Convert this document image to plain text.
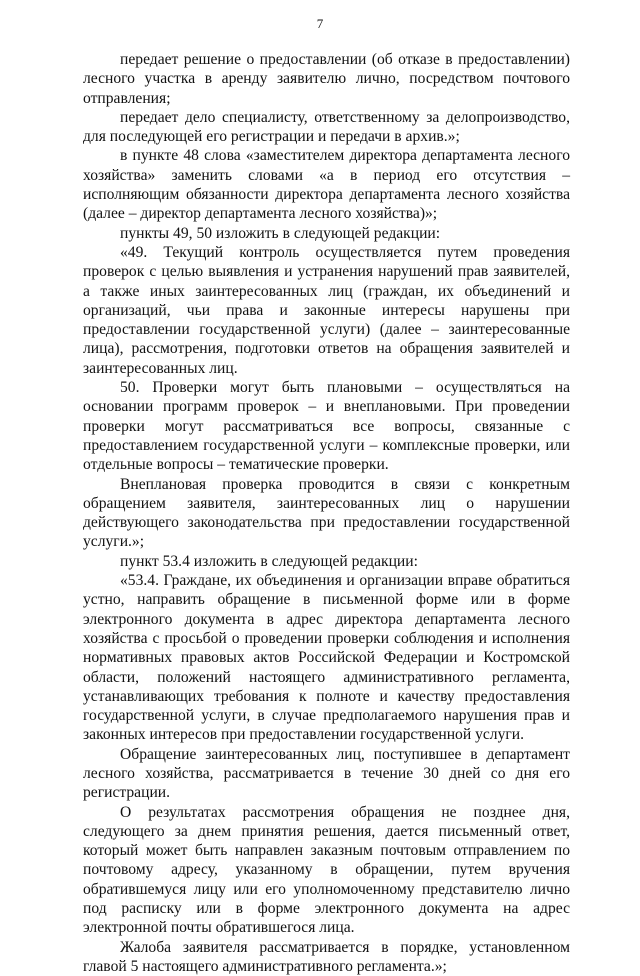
7

передает решение о предоставлении (об отказе в предоставлении) лесного участка в аренду заявителю лично, посредством почтового отправления;

передает дело специалисту, ответственному за делопроизводство, для последующей его регистрации и передачи в архив.»;

в пункте 48 слова «заместителем директора департамента лесного хозяйства» заменить словами «а в период его отсутствия – исполняющим обязанности директора департамента лесного хозяйства (далее – директор департамента лесного хозяйства)»;

пункты 49, 50 изложить в следующей редакции:

«49. Текущий контроль осуществляется путем проведения проверок с целью выявления и устранения нарушений прав заявителей, а также иных заинтересованных лиц (граждан, их объединений и организаций, чьи права и законные интересы нарушены при предоставлении государственной услуги) (далее – заинтересованные лица), рассмотрения, подготовки ответов на обращения заявителей и заинтересованных лиц.

50. Проверки могут быть плановыми – осуществляться на основании программ проверок – и внеплановыми. При проведении проверки могут рассматриваться все вопросы, связанные с предоставлением государственной услуги – комплексные проверки, или отдельные вопросы – тематические проверки.

Внеплановая проверка проводится в связи с конкретным обращением заявителя, заинтересованных лиц о нарушении действующего законодательства при предоставлении государственной услуги.»;

пункт 53.4 изложить в следующей редакции:

«53.4. Граждане, их объединения и организации вправе обратиться устно, направить обращение в письменной форме или в форме электронного документа в адрес директора департамента лесного хозяйства с просьбой о проведении проверки соблюдения и исполнения нормативных правовых актов Российской Федерации и Костромской области, положений настоящего административного регламента, устанавливающих требования к полноте и качеству предоставления государственной услуги, в случае предполагаемого нарушения прав и законных интересов при предоставлении государственной услуги.

Обращение заинтересованных лиц, поступившее в департамент лесного хозяйства, рассматривается в течение 30 дней со дня его регистрации.

О результатах рассмотрения обращения не позднее дня, следующего за днем принятия решения, дается письменный ответ, который может быть направлен заказным почтовым отправлением по почтовому адресу, указанному в обращении, путем вручения обратившемуся лицу или его уполномоченному представителю лично под расписку или в форме электронного документа на адрес электронной почты обратившегося лица.

Жалоба заявителя рассматривается в порядке, установленном главой 5 настоящего административного регламента.»;
